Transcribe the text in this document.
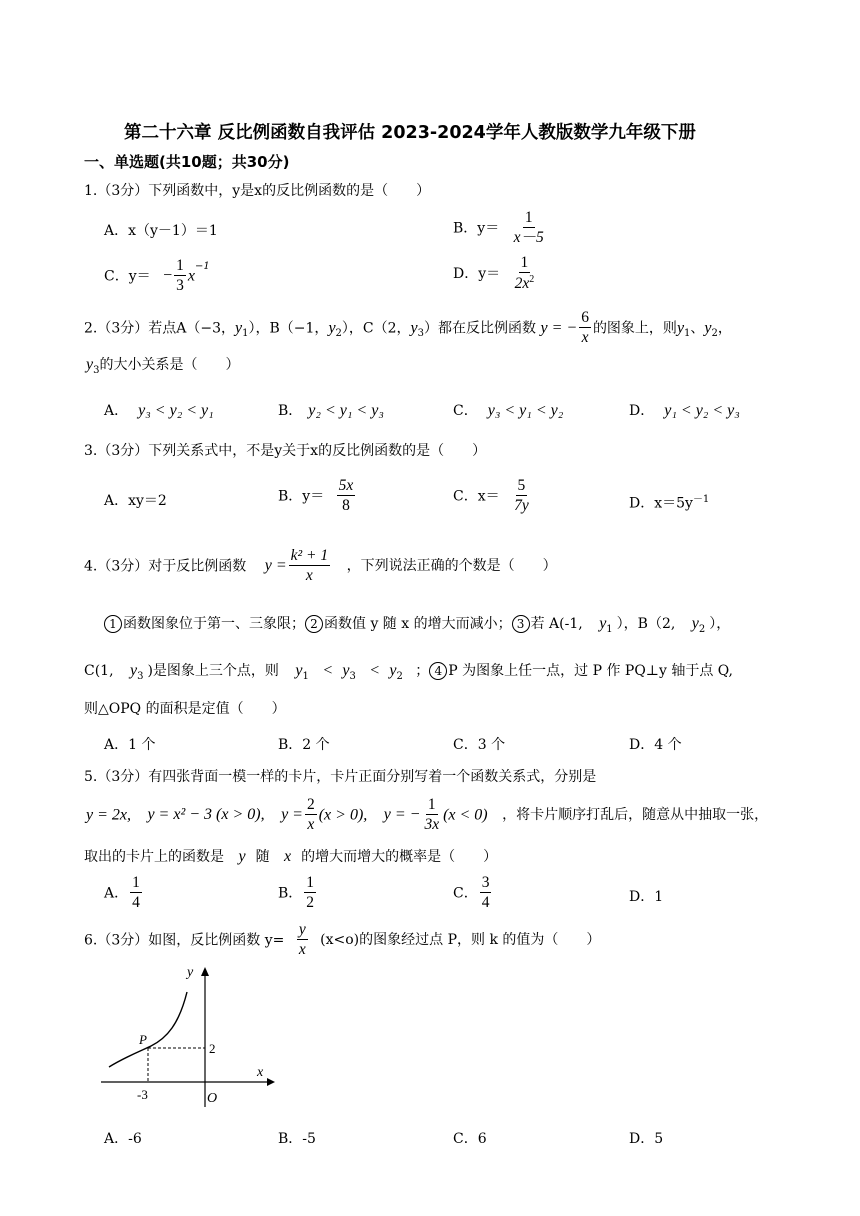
第二十六章 反比例函数自我评估 2023-2024学年人教版数学九年级下册
一、单选题(共10题；共30分)
1.（3分）下列函数中，y是x的反比例函数的是（　　）
A．x（y－1）＝1	B．$y= \frac{1}{x-5}$
C．$y= - \frac{1}{3} x^{-1}$	D．$y= \frac{1}{2x^2}$
2.（3分）若点A（−3，$y_1$），B（−1，$y_2$），C（2，$y_3$）都在反比例函数 y = − $\frac{6}{x}$ 的图象上，则$y_1$、$y_2$，
$y_3$的大小关系是（　　）
A． y₃ < y₂ < y₁	B． y₂ < y₁ < y₃	C． y₃ < y₁ < y₂	D． y₁ < y₂ < y₃
3.（3分）下列关系式中，不是y关于x的反比例函数的是（　　）
A．xy＝2	B．$y= \frac{5x}{8}$	C．$x= \frac{5}{7y}$	D．$x=5y^{-1}$
4.（3分）对于反比例函数 $y = \frac{\text{k² + 1}}{x}$ ，下列说法正确的个数是（　　）
1 函数图象位于第一、三象限； 2 函数值 y 随 x 的增大而减小； 3 若 A(-1, $y_1$ ），B（2, $y_2$ ），
C(1, $y_3$ )是图象上三个点，则 $y_1 < y_3 < y_2$ ； 4 P 为图象上任一点，过 P 作 PQ⊥y 轴于点 Q,
则△OPQ 的面积是定值（　　）
A．1 个	B．2 个	C．3 个	D．4 个
5.（3分）有四张背面一模一样的卡片，卡片正面分别写着一个函数关系式，分别是
y = 2x, y = x² − 3 (x > 0), $y = \frac{2}{x} (x > 0)$, y = − $\frac{1}{3x} (x < 0)$ ，将卡片顺序打乱后，随意从中抽取一张，
取出的卡片上的函数是 y 随 x 的增大而增大的概率是（　　）
A． $\frac{1}{4}$	B． $\frac{1}{2}$	C． $\frac{3}{4}$	D．1
6.（3分）如图，反比例函数 $y= \frac{y}{x} (x<o)$的图象经过点 P，则 k 的值为（　　）
y
x
O
P
2
-3
A．-6	B．-5	C．6	D．5
